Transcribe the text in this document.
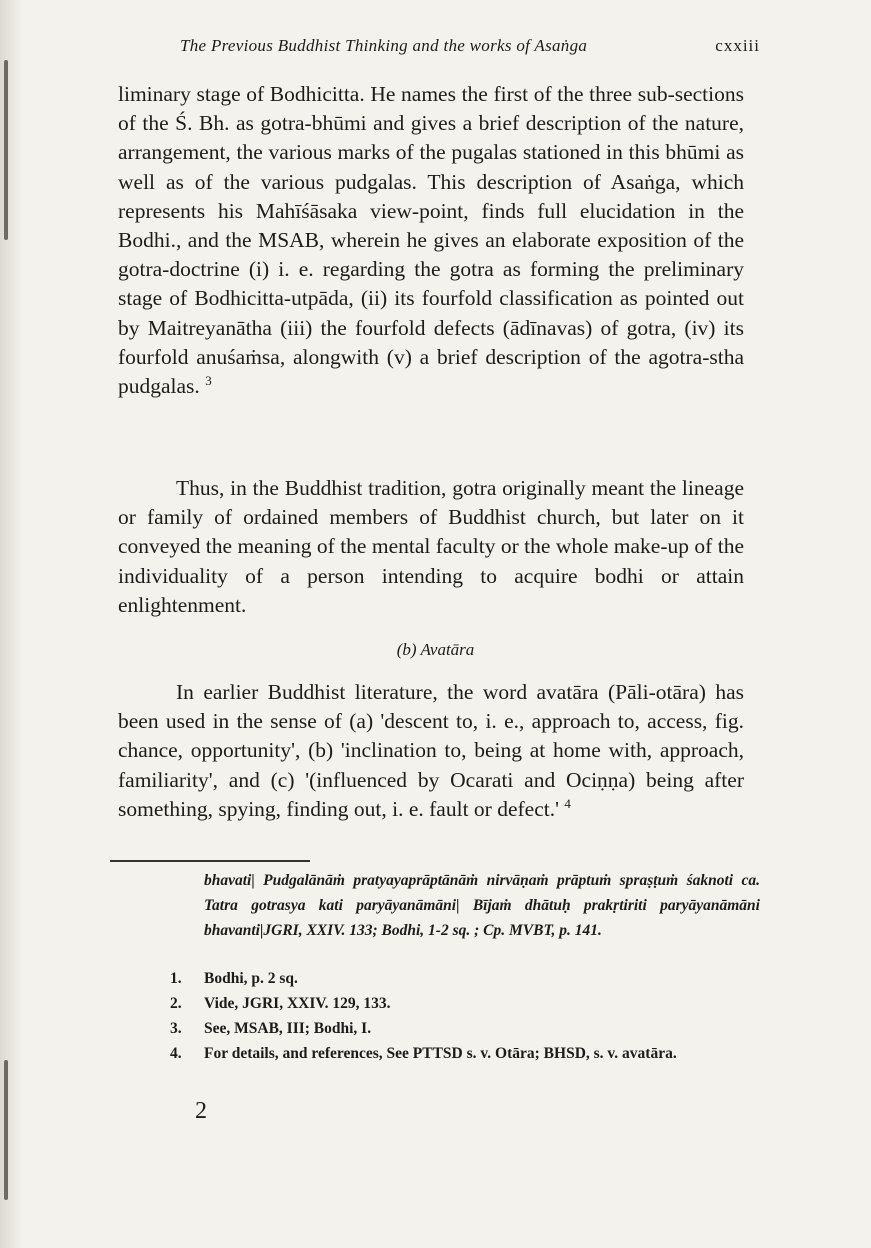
The Previous Buddhist Thinking and the works of Asaṅga	cxxiii
liminary stage of Bodhicitta. He names the first of the three sub-sections of the Ś. Bh. as gotra-bhūmi and gives a brief description of the nature, arrangement, the various marks of the pugalas stationed in this bhūmi as well as of the various pudgalas. This description of Asaṅga, which represents his Mahīśāsaka view-point, finds full elucidation in the Bodhi., and the MSAB, wherein he gives an elaborate exposition of the gotra-doctrine (i) i. e. regarding the gotra as forming the preliminary stage of Bodhicitta-utpāda, (ii) its fourfold classification as pointed out by Maitreyanātha (iii) the fourfold defects (ādīnavas) of gotra, (iv) its fourfold anuśaṁsa, alongwith (v) a brief description of the agotra-stha pudgalas. $^3$
Thus, in the Buddhist tradition, gotra originally meant the lineage or family of ordained members of Buddhist church, but later on it conveyed the meaning of the mental faculty or the whole make-up of the individuality of a person intending to acquire bodhi or attain enlightenment.
(b) Avatāra
In earlier Buddhist literature, the word avatāra (Pāli-otāra) has been used in the sense of (a) 'descent to, i. e., approach to, access, fig. chance, opportunity', (b) 'inclination to, being at home with, approach, familiarity', and (c) '(influenced by Ocarati and Ociṇṇa) being after something, spying, finding out, i. e. fault or defect.' $^4$
bhavati| Pudgalānāṁ pratyayaprāptānāṁ nirvāṇaṁ prāptuṁ spraṣṭuṁ śaknoti ca. Tatra gotrasya kati paryāyanāmāni| Bījaṁ dhātuḥ prakṛtiriti paryāyanāmāni bhavanti|JGRI, XXIV. 133; Bodhi, 1-2 sq. ; Cp. MVBT, p. 141.
1.	Bodhi, p. 2 sq.
2.	Vide, JGRI, XXIV. 129, 133.
3.	See, MSAB, III; Bodhi, I.
4.	For details, and references, See PTTSD s. v. Otāra; BHSD, s. v. avatāra.
2
